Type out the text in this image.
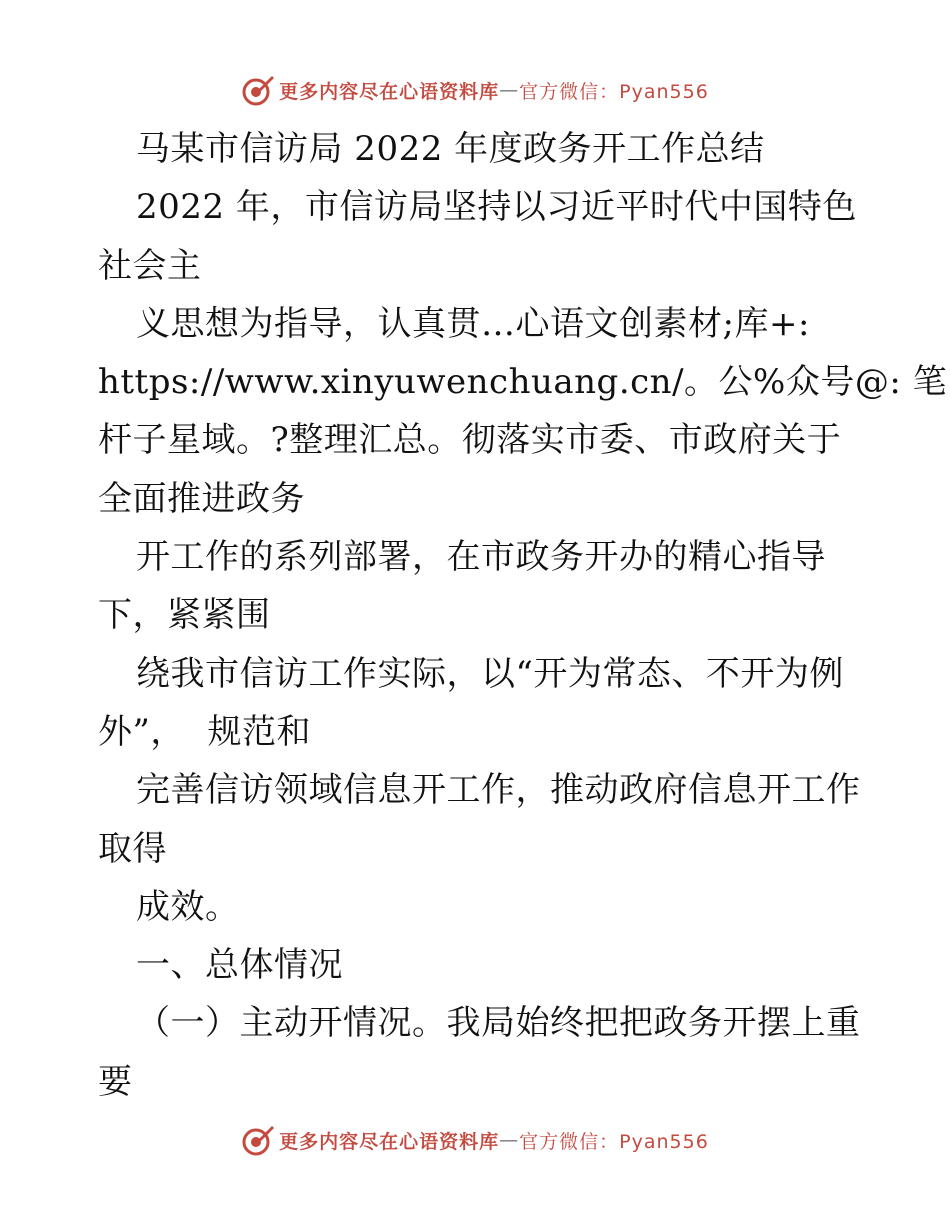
更多内容尽在心语资料库 — 官方微信：Pyan556
马某市信访局 2022 年度政务开工作总结
2022 年，市信访局坚持以习近平时代中国特色
社会主
义思想为指导，认真贯…心语文创素材;库+:
https://www.xinyuwenchuang.cn/。公%众号@: 笔
杆子星域。?整理汇总。彻落实市委、市政府关于
全面推进政务
开工作的系列部署，在市政务开办的精心指导
下，紧紧围
绕我市信访工作实际，以“开为常态、不开为例
外”，  规范和
完善信访领域信息开工作，推动政府信息开工作
取得
成效。
一、总体情况
（一）主动开情况。我局始终把把政务开摆上重
要
更多内容尽在心语资料库 — 官方微信：Pyan556
